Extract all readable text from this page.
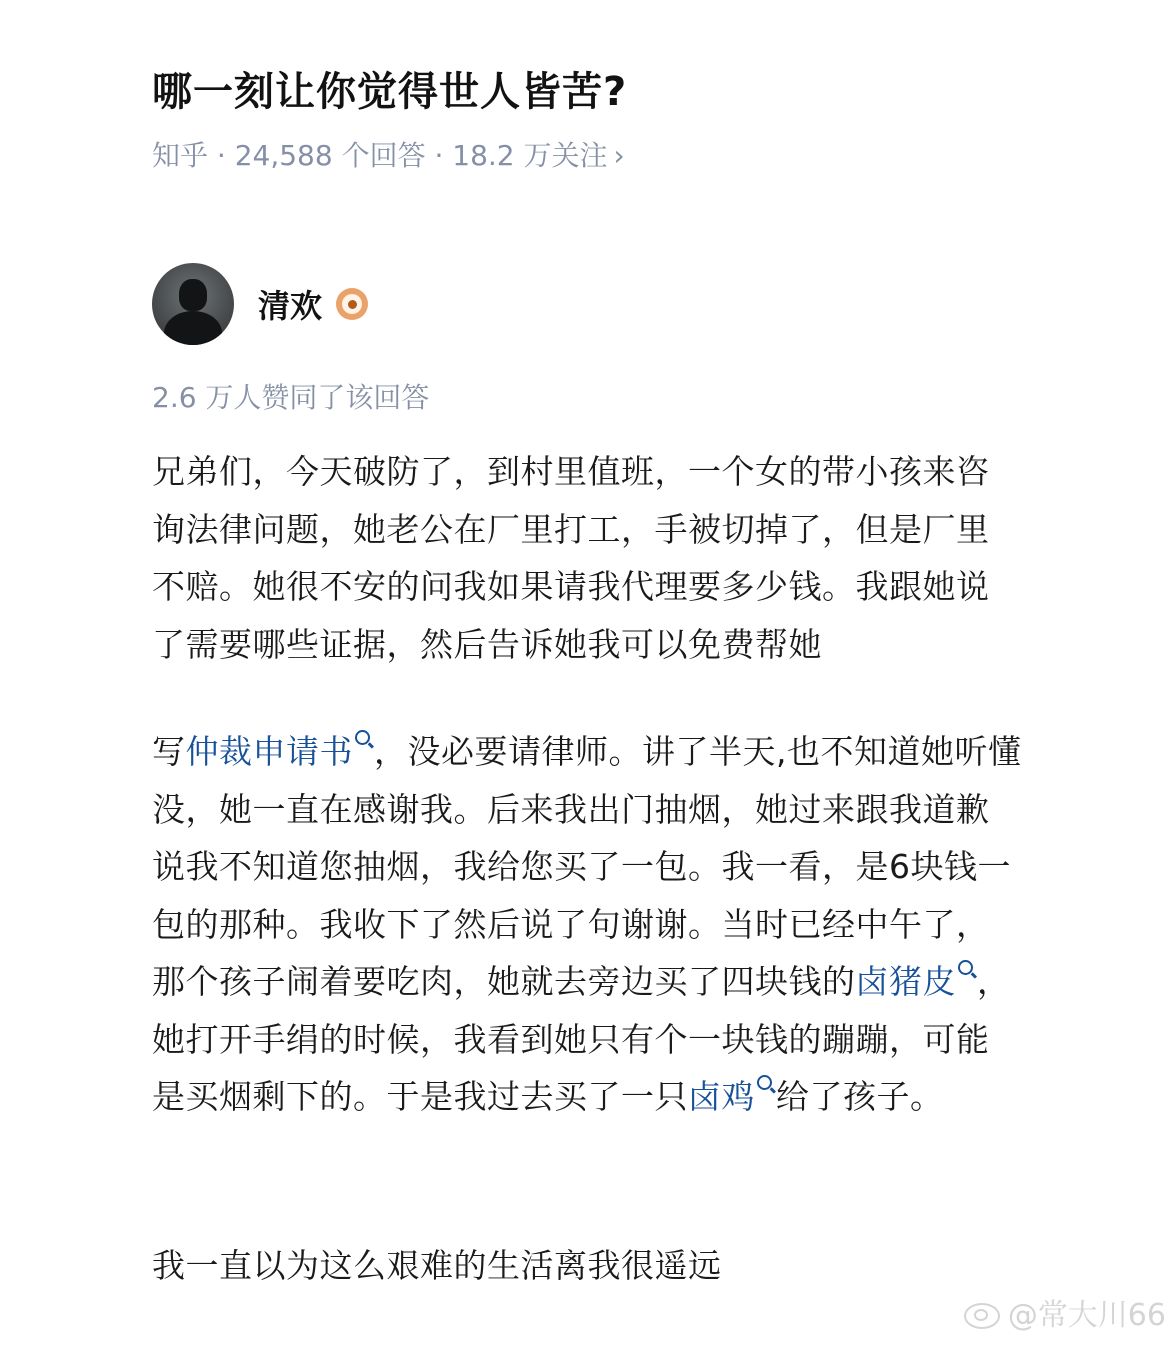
哪一刻让你觉得世人皆苦?
知乎 · 24,588 个回答 · 18.2 万关注 ›
清欢
2.6 万人赞同了该回答
兄弟们，今天破防了，到村里值班，一个女的带小孩来咨询法律问题，她老公在厂里打工，手被切掉了，但是厂里不赔。她很不安的问我如果请我代理要多少钱。我跟她说了需要哪些证据，然后告诉她我可以免费帮她
写仲裁申请书 ，没必要请律师。讲了半天,也不知道她听懂没，她一直在感谢我。后来我出门抽烟，她过来跟我道歉说我不知道您抽烟，我给您买了一包。我一看，是6块钱一包的那种。我收下了然后说了句谢谢。当时已经中午了，那个孩子闹着要吃肉，她就去旁边买了四块钱的卤猪皮 ，她打开手绢的时候，我看到她只有个一块钱的蹦蹦，可能是买烟剩下的。于是我过去买了一只卤鸡 给了孩子。
我一直以为这么艰难的生活离我很遥远
@常大川66
